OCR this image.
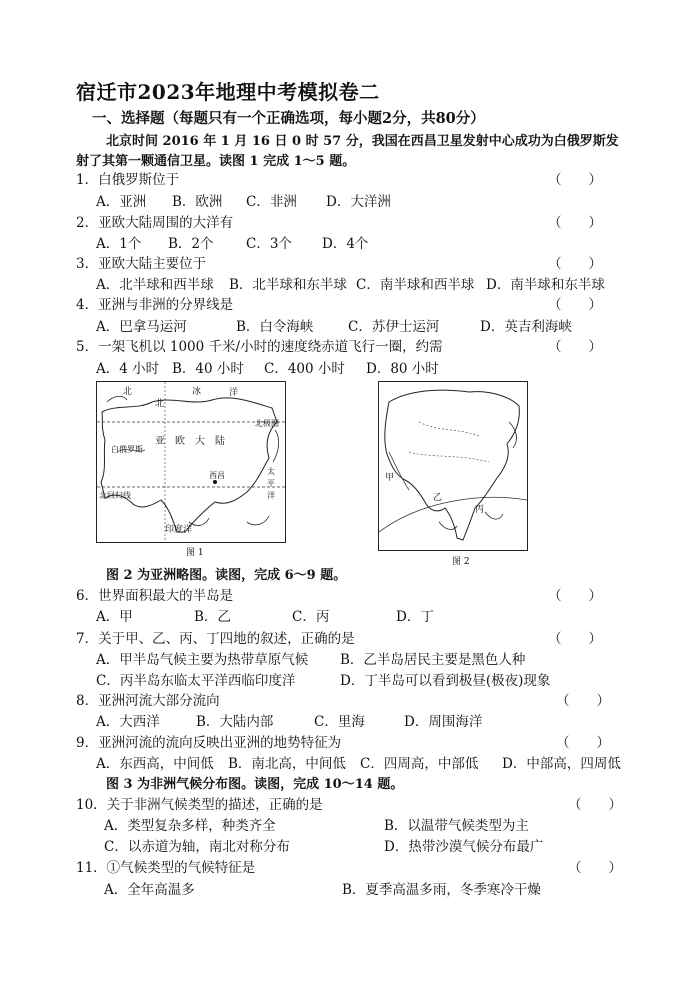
宿迁市2023年地理中考模拟卷二
一、选择题（每题只有一个正确选项，每小题2分，共80分）
北京时间 2016 年 1 月 16 日 0 时 57 分，我国在西昌卫星发射中心成功为白俄罗斯发
射了其第一颗通信卫星。读图 1 完成 1～5 题。
1．白俄罗斯位于	（　　）
A．亚洲 B．欧洲 C．非洲 D．大洋洲
2．亚欧大陆周围的大洋有	（　　）
A．1个 B．2个 C．3个 D．4个
3．亚欧大陆主要位于	（　　）
A．北半球和西半球 B．北半球和东半球 C．南半球和西半球 D．南半球和东半球
4．亚洲与非洲的分界线是	（　　）
A．巴拿马运河	B．白令海峡	C．苏伊士运河	D．英吉利海峡
5．一架飞机以 1000 千米/小时的速度绕赤道飞行一圈，约需	（　　）
A．4 小时 B．40 小时 C．400 小时 D．80 小时
北	冰	洋
北
亚　欧　大　陆
白俄罗斯
西昌
北极圈
北回归线
印度洋
太
平
洋
图 1
甲
乙
丙
图 2
图 2 为亚洲略图。读图，完成 6～9 题。
6．世界面积最大的半岛是	（　　）
A．甲	B．乙	C．丙	D．丁
7．关于甲、乙、丙、丁四地的叙述，正确的是	（　　）
A．甲半岛气候主要为热带草原气候 B．乙半岛居民主要是黑色人种
C．丙半岛东临太平洋西临印度洋	D．丁半岛可以看到极昼(极夜)现象
8．亚洲河流大部分流向	（　　）
A．大西洋	B．大陆内部	C．里海	D．周围海洋
9．亚洲河流的流向反映出亚洲的地势特征为	（　　）
A．东西高，中间低 B．南北高，中间低 C．四周高，中部低 D．中部高，四周低
图 3 为非洲气候分布图。读图，完成 10～14 题。
10．关于非洲气候类型的描述，正确的是	（　　）
A．类型复杂多样，种类齐全	B．以温带气候类型为主
C．以赤道为轴，南北对称分布	D．热带沙漠气候分布最广
11．①气候类型的气候特征是	（　　）
A．全年高温多	B．夏季高温多雨，冬季寒冷干燥
